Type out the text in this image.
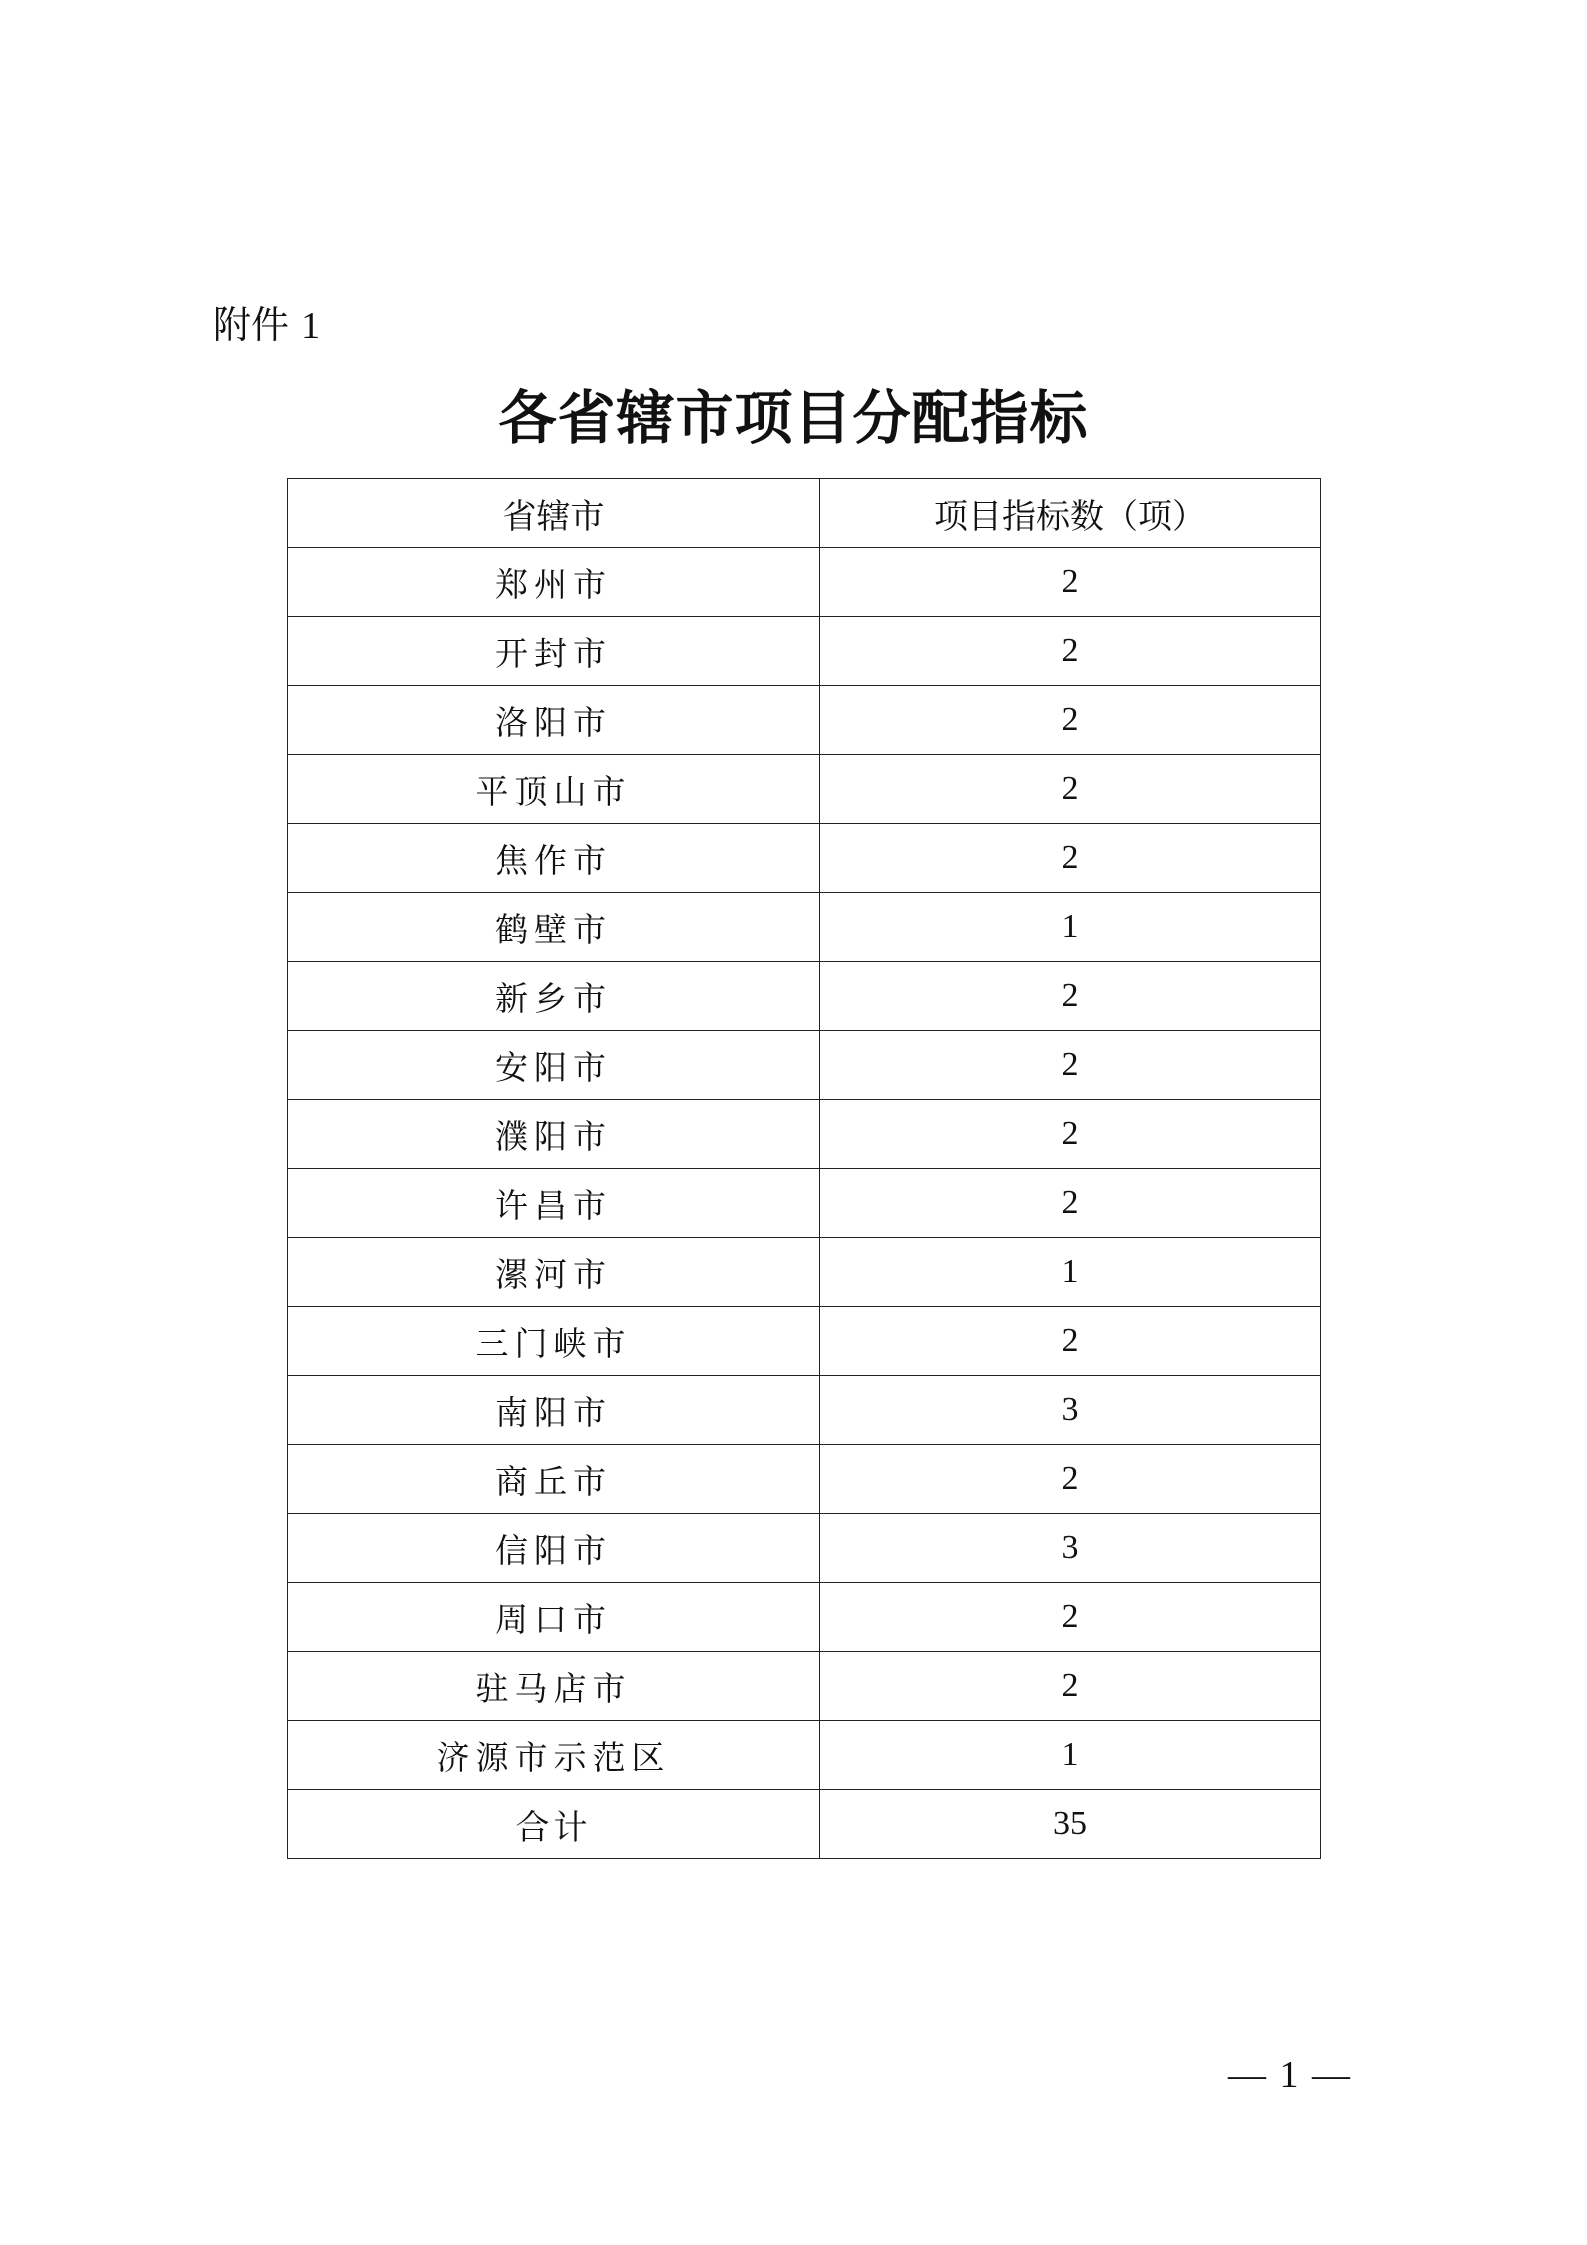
附件 1
各省辖市项目分配指标
省辖市	项目指标数（项）
郑州市	2
开封市	2
洛阳市	2
平顶山市	2
焦作市	2
鹤壁市	1
新乡市	2
安阳市	2
濮阳市	2
许昌市	2
漯河市	1
三门峡市	2
南阳市	3
商丘市	2
信阳市	3
周口市	2
驻马店市	2
济源市示范区	1
合计	35
— 1 —
